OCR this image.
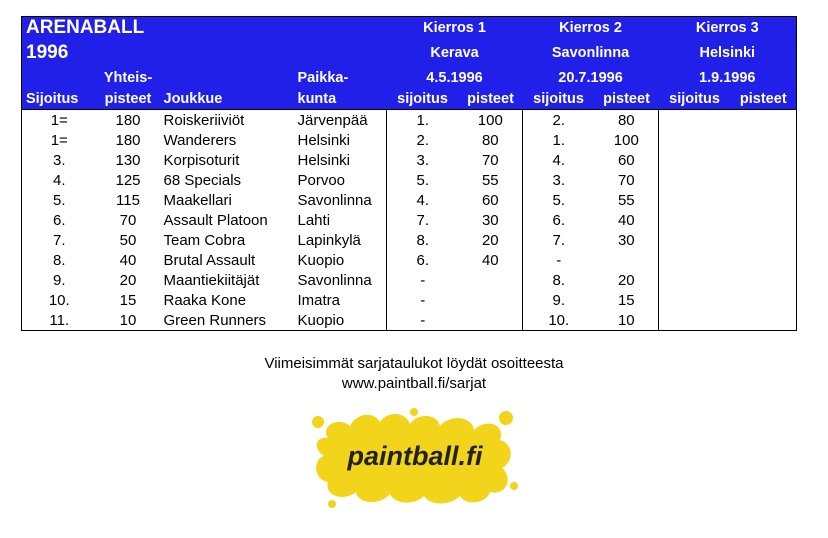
ARENABALL				Kierros 1		Kierros 2		Kierros 3	
1996				Kerava		Savonlinna		Helsinki	
	Yhteis-		Paikka-	4.5.1996		20.7.1996		1.9.1996	
Sijoitus	pisteet	Joukkue	kunta	sijoitus	pisteet	sijoitus	pisteet	sijoitus	pisteet
1=	180	Roiskeriiviöt	Järvenpää	1.	100	2.	80		
1=	180	Wanderers	Helsinki	2.	80	1.	100		
3.	130	Korpisoturit	Helsinki	3.	70	4.	60		
4.	125	68 Specials	Porvoo	5.	55	3.	70		
5.	115	Maakellari	Savonlinna	4.	60	5.	55		
6.	70	Assault Platoon	Lahti	7.	30	6.	40		
7.	50	Team Cobra	Lapinkylä	8.	20	7.	30		
8.	40	Brutal Assault	Kuopio	6.	40	-			
9.	20	Maantiekiitäjät	Savonlinna	-		8.	20		
10.	15	Raaka Kone	Imatra	-		9.	15		
11.	10	Green Runners	Kuopio	-		10.	10		
Viimeisimmät sarjataulukot löydät osoitteesta
www.paintball.fi/sarjat
paintball.fi
